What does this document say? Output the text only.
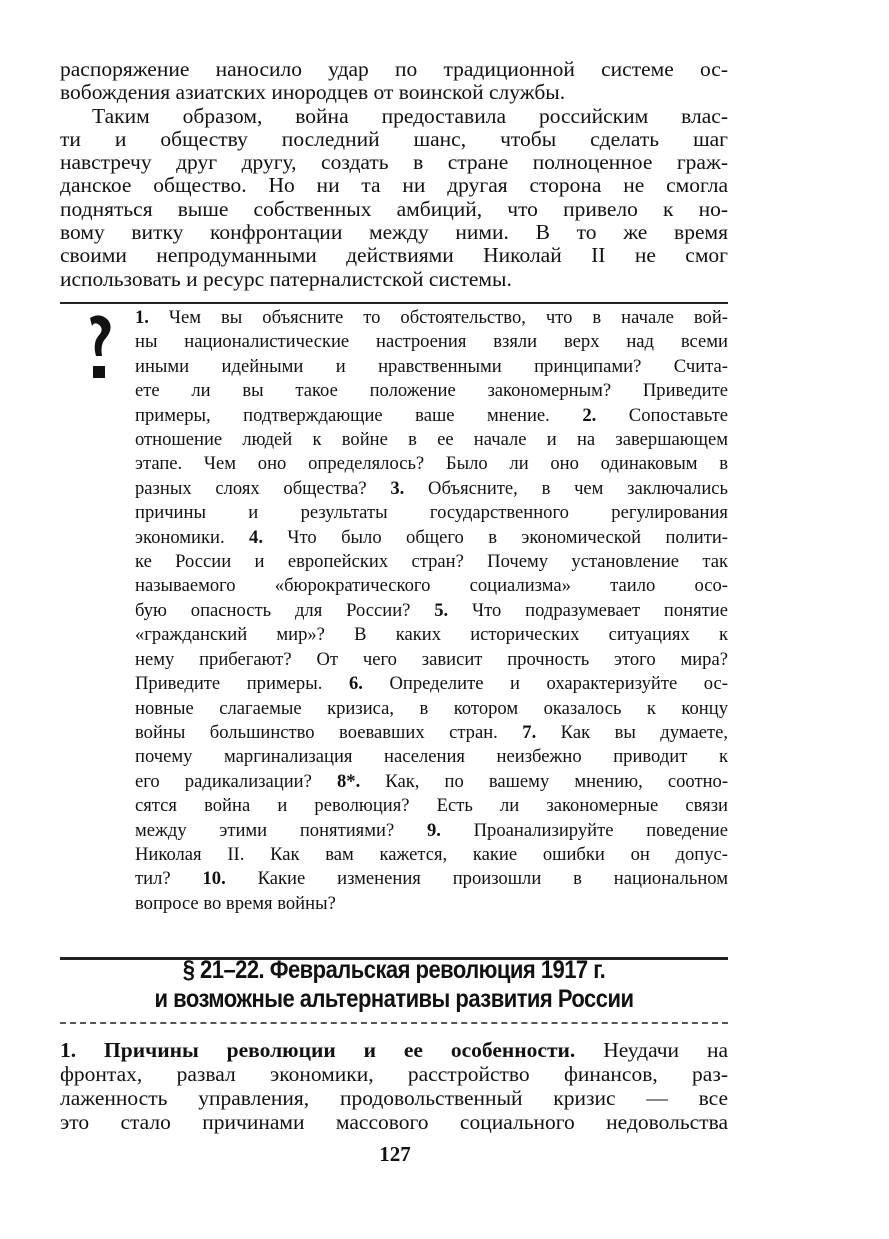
распоряжение наносило удар по традиционной системе ос-
вобождения азиатских инородцев от воинской службы.
Таким образом, война предоставила российским влас-
ти и обществу последний шанс, чтобы сделать шаг
навстречу друг другу, создать в стране полноценное граж-
данское общество. Но ни та ни другая сторона не смогла
подняться выше собственных амбиций, что привело к но-
вому витку конфронтации между ними. В то же время
своими непродуманными действиями Николай II не смог
использовать и ресурс патерналистской системы.
1. Чем вы объясните то обстоятельство, что в начале вой-
ны националистические настроения взяли верх над всеми
иными идейными и нравственными принципами? Счита-
ете ли вы такое положение закономерным? Приведите
примеры, подтверждающие ваше мнение. 2. Сопоставьте
отношение людей к войне в ее начале и на завершающем
этапе. Чем оно определялось? Было ли оно одинаковым в
разных слоях общества? 3. Объясните, в чем заключались
причины и результаты государственного регулирования
экономики. 4. Что было общего в экономической полити-
ке России и европейских стран? Почему установление так
называемого «бюрократического социализма» таило осо-
бую опасность для России? 5. Что подразумевает понятие
«гражданский мир»? В каких исторических ситуациях к
нему прибегают? От чего зависит прочность этого мира?
Приведите примеры. 6. Определите и охарактеризуйте ос-
новные слагаемые кризиса, в котором оказалось к концу
войны большинство воевавших стран. 7. Как вы думаете,
почему маргинализация населения неизбежно приводит к
его радикализации? 8*. Как, по вашему мнению, соотно-
сятся война и революция? Есть ли закономерные связи
между этими понятиями? 9. Проанализируйте поведение
Николая II. Как вам кажется, какие ошибки он допус-
тил? 10. Какие изменения произошли в национальном
вопросе во время войны?
§ 21–22. Февральская революция 1917 г.
и возможные альтернативы развития России
1. Причины революции и ее особенности. Неудачи на
фронтах, развал экономики, расстройство финансов, раз-
лаженность управления, продовольственный кризис — все
это стало причинами массового социального недовольства
127
